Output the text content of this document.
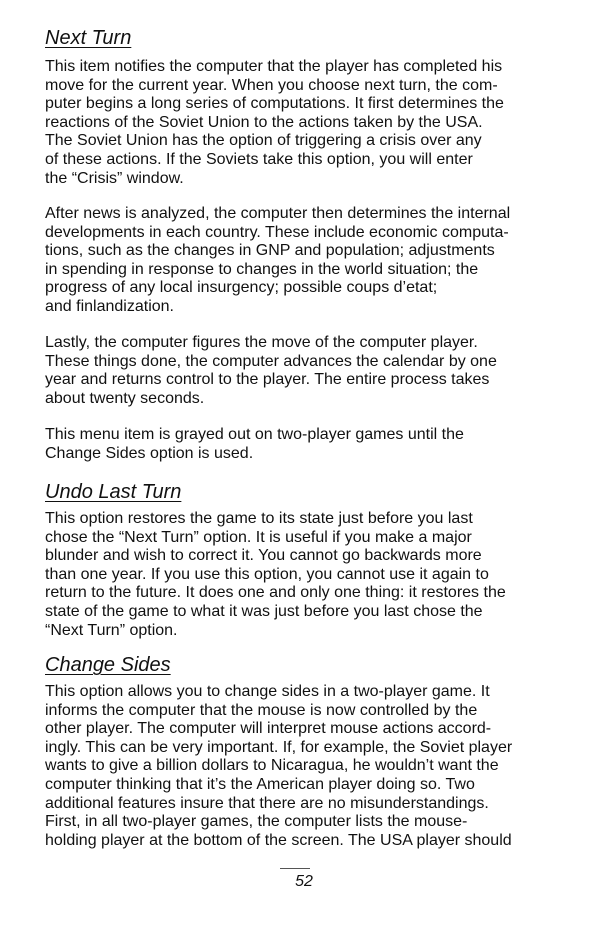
Next Turn

This item notifies the computer that the player has completed his
move for the current year. When you choose next turn, the com-
puter begins a long series of computations. It first determines the
reactions of the Soviet Union to the actions taken by the USA.
The Soviet Union has the option of triggering a crisis over any
of these actions. If the Soviets take this option, you will enter
the “Crisis” window.

After news is analyzed, the computer then determines the internal
developments in each country. These include economic computa-
tions, such as the changes in GNP and population; adjustments
in spending in response to changes in the world situation; the
progress of any local insurgency; possible coups d’etat;
and finlandization.

Lastly, the computer figures the move of the computer player.
These things done, the computer advances the calendar by one
year and returns control to the player. The entire process takes
about twenty seconds.

This menu item is grayed out on two-player games until the
Change Sides option is used.

Undo Last Turn

This option restores the game to its state just before you last
chose the “Next Turn” option. It is useful if you make a major
blunder and wish to correct it. You cannot go backwards more
than one year. If you use this option, you cannot use it again to
return to the future. It does one and only one thing: it restores the
state of the game to what it was just before you last chose the
“Next Turn” option.

Change Sides

This option allows you to change sides in a two-player game. It
informs the computer that the mouse is now controlled by the
other player. The computer will interpret mouse actions accord-
ingly. This can be very important. If, for example, the Soviet player
wants to give a billion dollars to Nicaragua, he wouldn’t want the
computer thinking that it’s the American player doing so. Two
additional features insure that there are no misunderstandings.
First, in all two-player games, the computer lists the mouse-
holding player at the bottom of the screen. The USA player should

52
